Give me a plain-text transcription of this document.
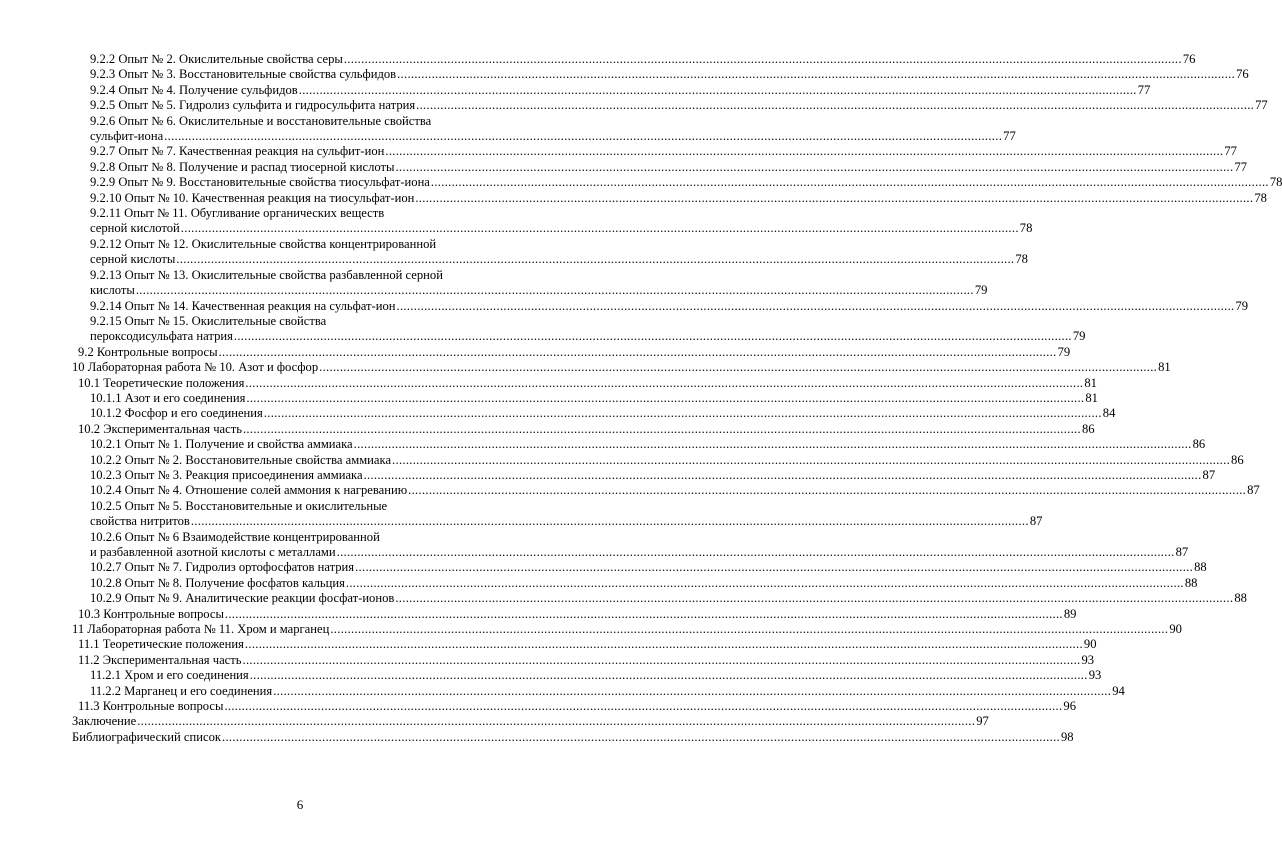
9.2.2 Опыт № 2. Окислительные свойства серы ................................................................................................................................................................................................................................................... 76
9.2.3 Опыт № 3. Восстановительные свойства сульфидов ................................................................................................................................................................................................................................................... 76
9.2.4 Опыт № 4. Получение сульфидов ................................................................................................................................................................................................................................................... 77
9.2.5 Опыт № 5. Гидролиз сульфита и гидросульфита натрия ................................................................................................................................................................................................................................................... 77
9.2.6 Опыт № 6. Окислительные и восстановительные свойства
сульфит-иона ................................................................................................................................................................................................................................................... 77
9.2.7 Опыт № 7. Качественная реакция на сульфит-ион ................................................................................................................................................................................................................................................... 77
9.2.8 Опыт № 8. Получение и распад тиосерной кислоты ................................................................................................................................................................................................................................................... 77
9.2.9 Опыт № 9. Восстановительные свойства тиосульфат-иона ................................................................................................................................................................................................................................................... 78
9.2.10 Опыт № 10. Качественная реакция на тиосульфат-ион ................................................................................................................................................................................................................................................... 78
9.2.11 Опыт № 11. Обугливание органических веществ
серной кислотой ................................................................................................................................................................................................................................................... 78
9.2.12 Опыт № 12. Окислительные свойства концентрированной
серной кислоты ................................................................................................................................................................................................................................................... 78
9.2.13 Опыт № 13. Окислительные свойства разбавленной серной
кислоты ................................................................................................................................................................................................................................................... 79
9.2.14 Опыт № 14. Качественная реакция на сульфат-ион ................................................................................................................................................................................................................................................... 79
9.2.15 Опыт № 15. Окислительные свойства
пероксодисульфата натрия ................................................................................................................................................................................................................................................... 79
9.2 Контрольные вопросы ................................................................................................................................................................................................................................................... 79
10 Лабораторная работа № 10. Азот и фосфор ................................................................................................................................................................................................................................................... 81
10.1 Теоретические положения ................................................................................................................................................................................................................................................... 81
10.1.1 Азот и его соединения ................................................................................................................................................................................................................................................... 81
10.1.2 Фосфор и его соединения ................................................................................................................................................................................................................................................... 84
10.2 Экспериментальная часть ................................................................................................................................................................................................................................................... 86
10.2.1 Опыт № 1. Получение и свойства аммиака ................................................................................................................................................................................................................................................... 86
10.2.2 Опыт № 2. Восстановительные свойства аммиака ................................................................................................................................................................................................................................................... 86
10.2.3 Опыт № 3. Реакция присоединения аммиака ................................................................................................................................................................................................................................................... 87
10.2.4 Опыт № 4. Отношение солей аммония к нагреванию ................................................................................................................................................................................................................................................... 87
10.2.5 Опыт № 5. Восстановительные и окислительные
свойства нитритов ................................................................................................................................................................................................................................................... 87
10.2.6 Опыт № 6 Взаимодействие концентрированной
и разбавленной азотной кислоты с металлами ................................................................................................................................................................................................................................................... 87
10.2.7 Опыт № 7. Гидролиз ортофосфатов натрия ................................................................................................................................................................................................................................................... 88
10.2.8 Опыт № 8. Получение фосфатов кальция ................................................................................................................................................................................................................................................... 88
10.2.9 Опыт № 9. Аналитические реакции фосфат-ионов ................................................................................................................................................................................................................................................... 88
10.3 Контрольные вопросы ................................................................................................................................................................................................................................................... 89
11 Лабораторная работа № 11. Хром и марганец ................................................................................................................................................................................................................................................... 90
11.1 Теоретические положения ................................................................................................................................................................................................................................................... 90
11.2 Экспериментальная часть ................................................................................................................................................................................................................................................... 93
11.2.1 Хром и его соединения ................................................................................................................................................................................................................................................... 93
11.2.2 Марганец и его соединения ................................................................................................................................................................................................................................................... 94
11.3 Контрольные вопросы ................................................................................................................................................................................................................................................... 96
Заключение ................................................................................................................................................................................................................................................... 97
Библиографический список ................................................................................................................................................................................................................................................... 98
6
